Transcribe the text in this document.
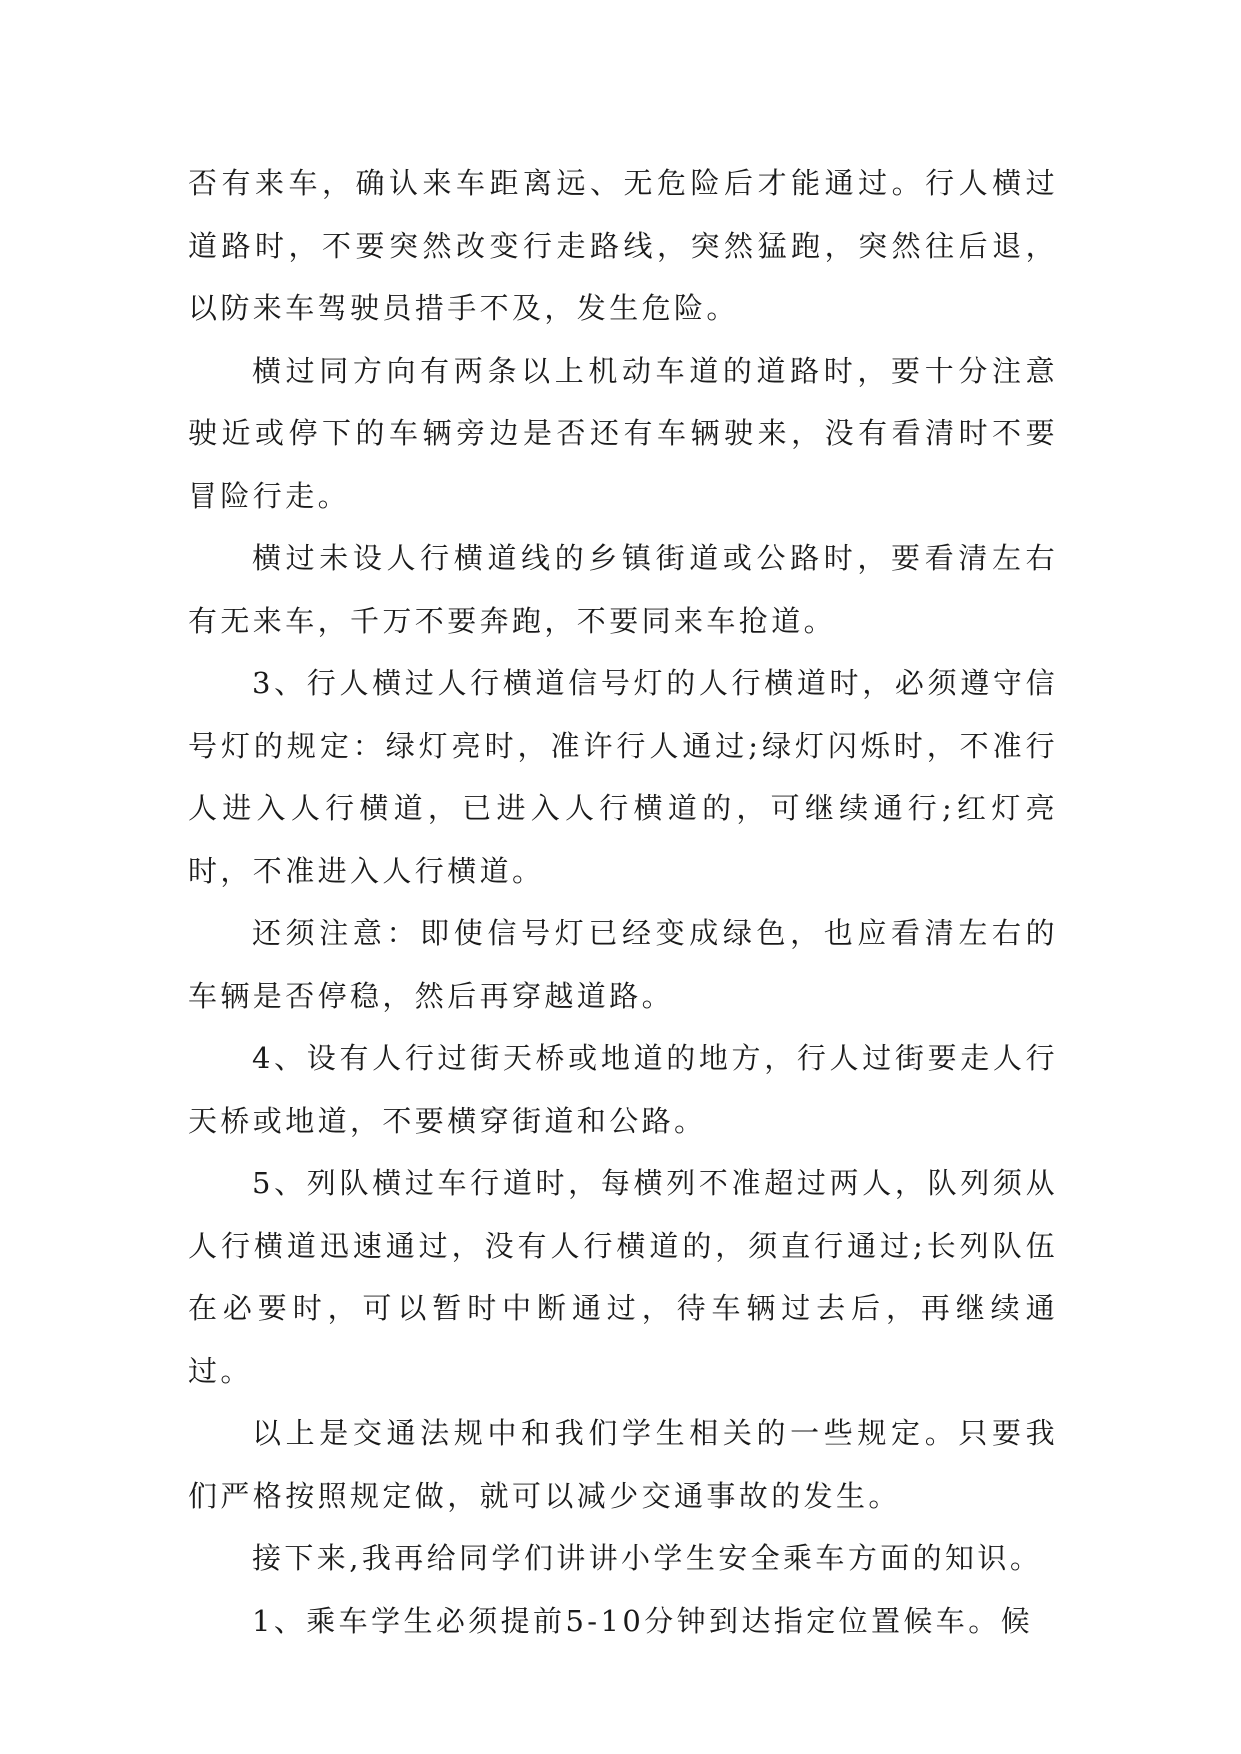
否有来车，确认来车距离远、无危险后才能通过。行人横过道路时，不要突然改变行走路线，突然猛跑，突然往后退，以防来车驾驶员措手不及，发生危险。

横过同方向有两条以上机动车道的道路时，要十分注意驶近或停下的车辆旁边是否还有车辆驶来，没有看清时不要冒险行走。

横过未设人行横道线的乡镇街道或公路时，要看清左右有无来车，千万不要奔跑，不要同来车抢道。

3、行人横过人行横道信号灯的人行横道时，必须遵守信号灯的规定：绿灯亮时，准许行人通过;绿灯闪烁时，不准行人进入人行横道，已进入人行横道的，可继续通行;红灯亮时，不准进入人行横道。

还须注意：即使信号灯已经变成绿色，也应看清左右的车辆是否停稳，然后再穿越道路。

4、设有人行过街天桥或地道的地方，行人过街要走人行天桥或地道，不要横穿街道和公路。

5、列队横过车行道时，每横列不准超过两人，队列须从人行横道迅速通过，没有人行横道的，须直行通过;长列队伍在必要时，可以暂时中断通过，待车辆过去后，再继续通过。

以上是交通法规中和我们学生相关的一些规定。只要我们严格按照规定做，就可以减少交通事故的发生。

接下来,我再给同学们讲讲小学生安全乘车方面的知识。

1、乘车学生必须提前5-10分钟到达指定位置候车。候
